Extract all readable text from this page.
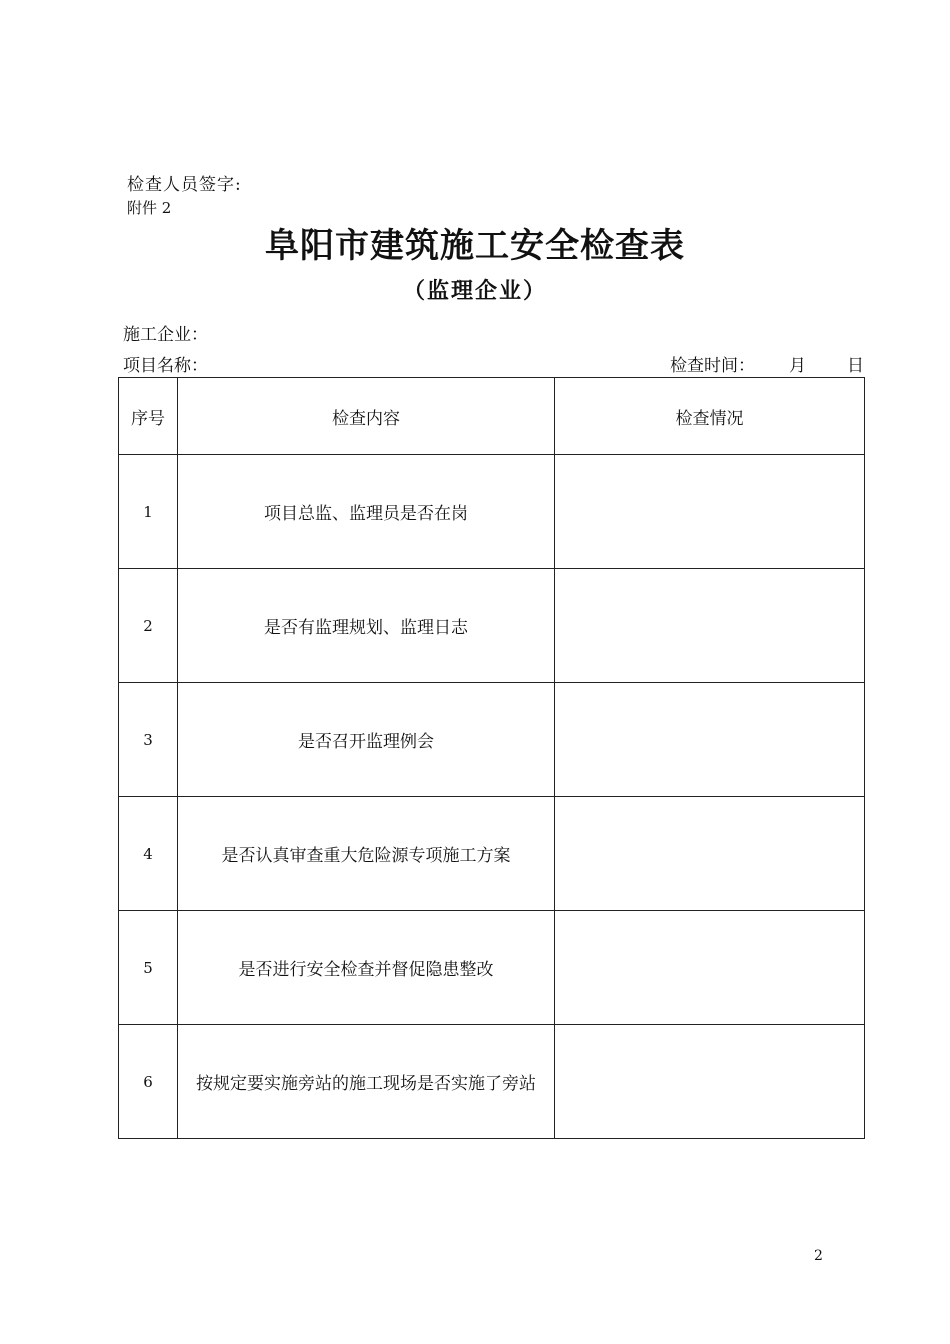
检查人员签字:
附件 2
阜阳市建筑施工安全检查表
（监理企业）
施工企业：
项目名称：	检查时间： 月 日
序号	检查内容	检查情况
1	项目总监、监理员是否在岗	
2	是否有监理规划、监理日志	
3	是否召开监理例会	
4	是否认真审查重大危险源专项施工方案	
5	是否进行安全检查并督促隐患整改	
6	按规定要实施旁站的施工现场是否实施了旁站	
2
